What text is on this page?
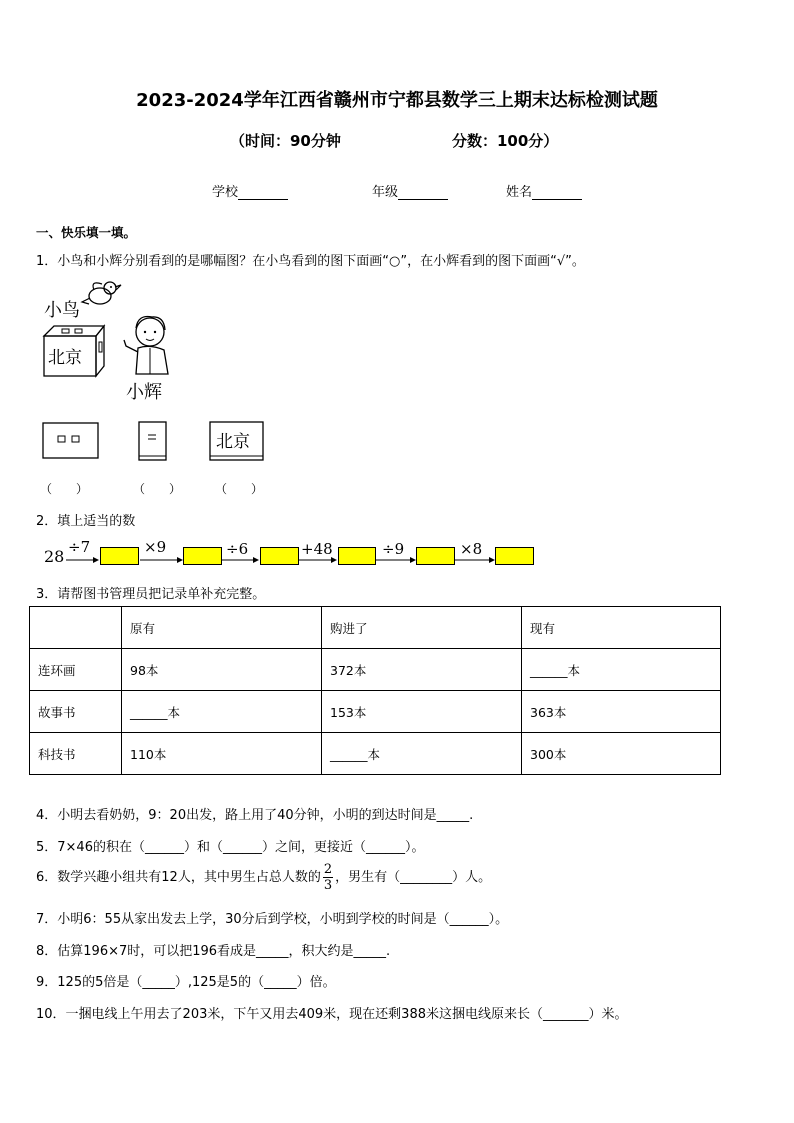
2023-2024学年江西省赣州市宁都县数学三上期末达标检测试题
（时间：90分钟	分数：100分）
学校	年级	姓名
一、快乐填一填。
1．小鸟和小辉分别看到的是哪幅图？在小鸟看到的图下面画“○”，在小辉看到的图下面画“√”。
小鸟
北京
小辉
北京
（　　）	（　　）	（　　）
2．填上适当的数
28 ÷7	×9	÷6	+48	÷9	×8
3．请帮图书管理员把记录单补充完整。
	原有	购进了	现有
连环画	98本	372本	______本
故事书	______本	153本	363本
科技书	110本	______本	300本
4．小明去看奶奶，9：20出发，路上用了40分钟，小明的到达时间是_____.
5．7×46的积在（______）和（______）之间，更接近（______）。
6．数学兴趣小组共有12人，其中男生占总人数的 $\frac{2}{3}$ ，男生有（________）人。
7．小明6：55从家出发去上学，30分后到学校，小明到学校的时间是（______）。
8．估算196×7时，可以把196看成是_____，积大约是_____.
9．125的5倍是（_____）,125是5的（_____）倍。
10．一捆电线上午用去了203米，下午又用去409米，现在还剩388米这捆电线原来长（_______）米。
